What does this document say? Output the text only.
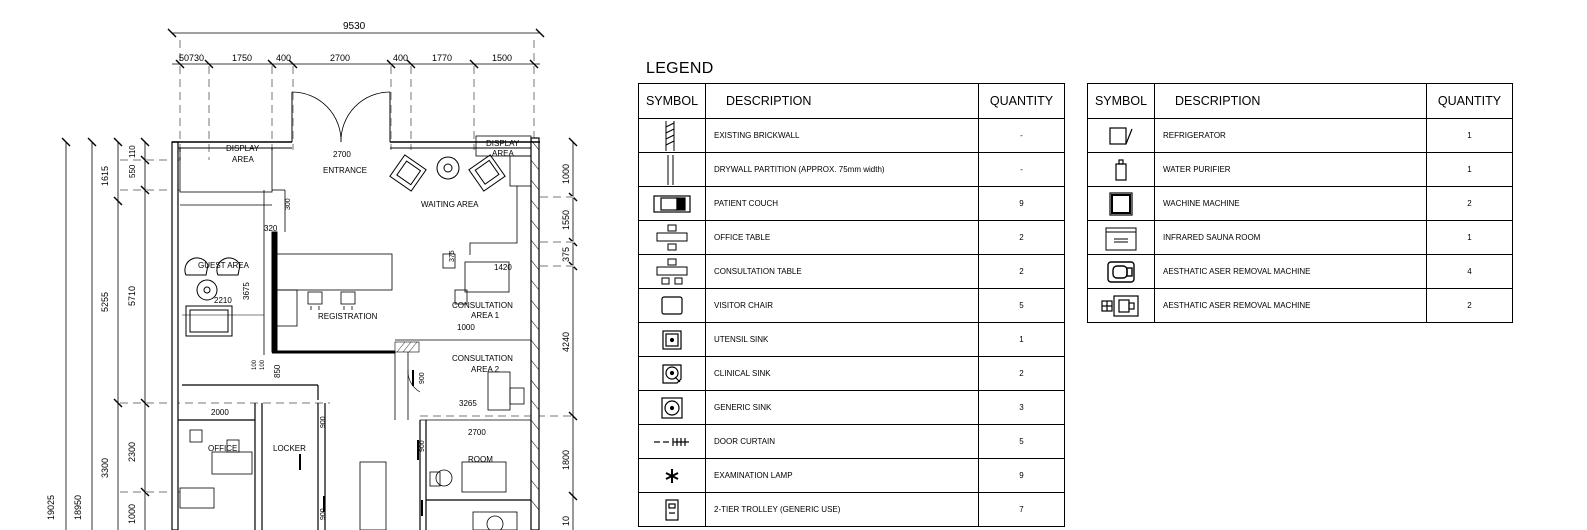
9530
50730	1750	400	2700	400	1770	1500
19025 18950
1615
5255
3300
550
110
5710
2300
1000
1000
1550
375
4240
1800
10
2700
320
300
3675
2210
375
1420
1000
850
100 100
900
3265
2000
2700
900
900
900
DISPLAY AREA
DISPLAY AREA
ENTRANCE
WAITING AREA
GUEST AREA
REGISTRATION
CONSULTATION
AREA 1
CONSULTATION
AREA 2
OFFICE	LOCKER
ROOM
LEGEND
SYMBOL	DESCRIPTION	QUANTITY

	EXISTING BRICKWALL	-

	DRYWALL PARTITION (APPROX. 75mm width)	-

	PATIENT COUCH	9

	OFFICE TABLE	2

	CONSULTATION TABLE	2

	VISITOR CHAIR	5

	UTENSIL SINK	1

	CLINICAL SINK	2

	GENERIC SINK	3

	DOOR CURTAIN	5

	EXAMINATION LAMP	9

	2-TIER TROLLEY (GENERIC USE)	7
SYMBOL	DESCRIPTION	QUANTITY

	REFRIGERATOR	1

	WATER PURIFIER	1

	WACHINE MACHINE	2

	INFRARED SAUNA ROOM	1

	AESTHATIC ASER REMOVAL MACHINE	4

	AESTHATIC ASER REMOVAL MACHINE	2
